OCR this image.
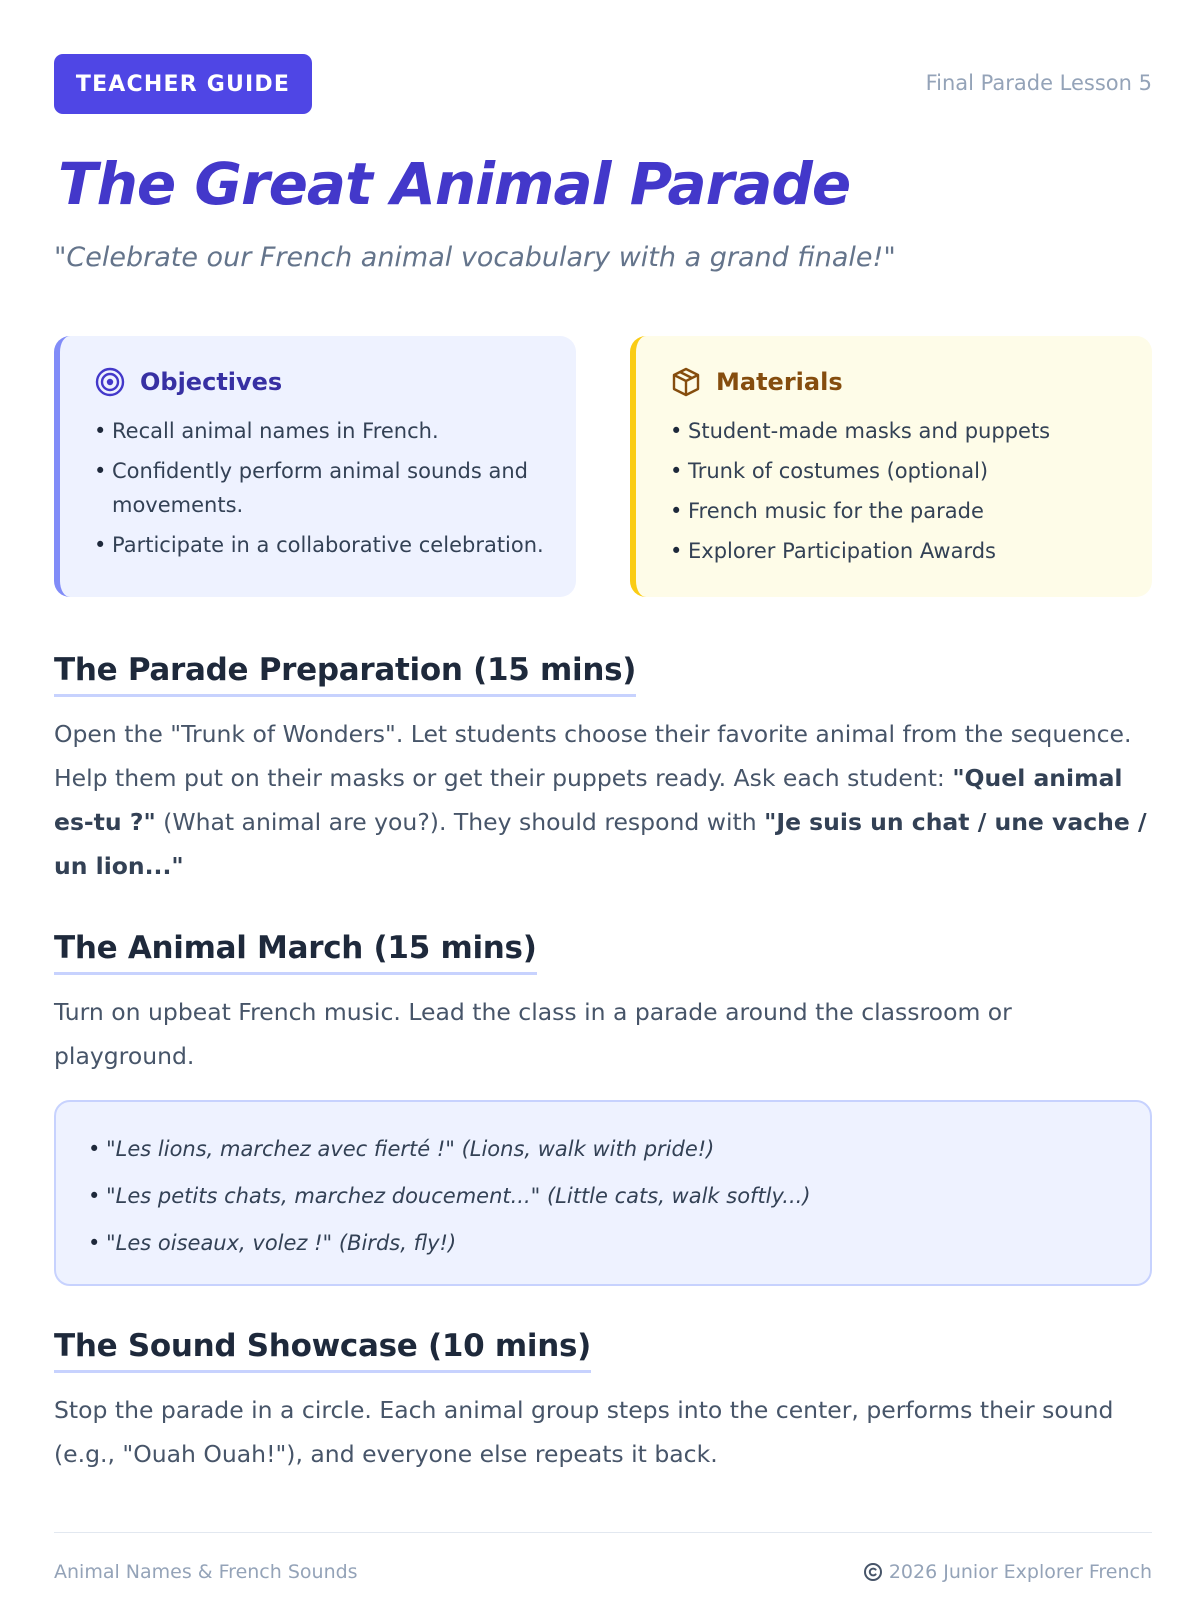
TEACHER GUIDE	Final Parade Lesson 5
The Great Animal Parade
"Celebrate our French animal vocabulary with a grand finale!"
Objectives
• Recall animal names in French.
• Confidently perform animal sounds and movements.
• Participate in a collaborative celebration.
Materials
• Student-made masks and puppets
• Trunk of costumes (optional)
• French music for the parade
• Explorer Participation Awards
The Parade Preparation (15 mins)

Open the "Trunk of Wonders". Let students choose their favorite animal from the sequence. Help them put on their masks or get their puppets ready. Ask each student: "Quel animal es-tu ?" (What animal are you?). They should respond with "Je suis un chat / une vache / un lion..."

The Animal March (15 mins)

Turn on upbeat French music. Lead the class in a parade around the classroom or playground.

• "Les lions, marchez avec fierté !" (Lions, walk with pride!)
• "Les petits chats, marchez doucement..." (Little cats, walk softly...)
• "Les oiseaux, volez !" (Birds, fly!)
The Sound Showcase (10 mins)

Stop the parade in a circle. Each animal group steps into the center, performs their sound (e.g., "Ouah Ouah!"), and everyone else repeats it back.

Animal Names & French Sounds	2026 Junior Explorer French
